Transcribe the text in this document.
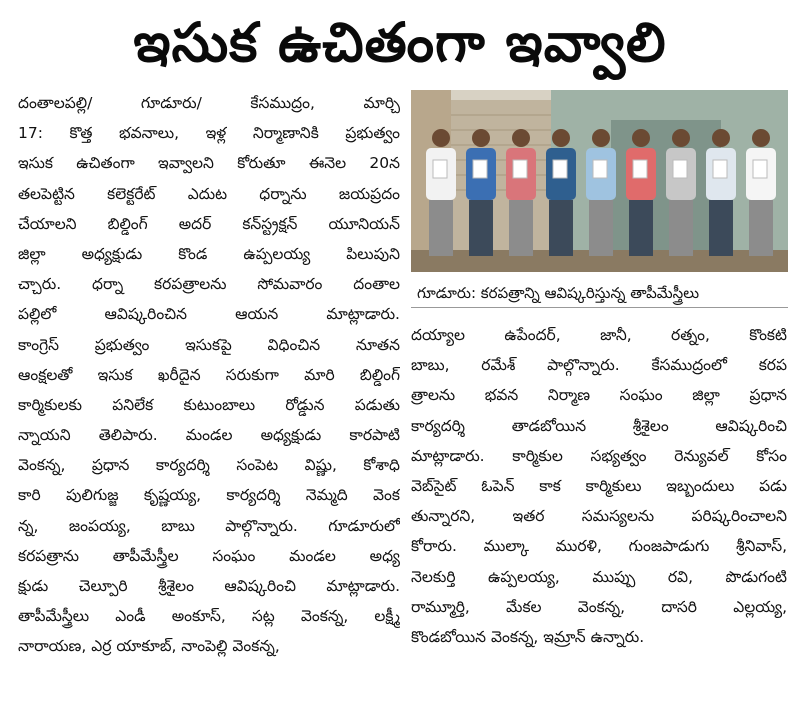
ఇసుక ఉచితంగా ఇవ్వాలి
దంతాలపల్లి/ గూడూరు/ కేసముద్రం, మార్చి
17: కొత్త భవనాలు, ఇళ్ల నిర్మాణానికి ప్రభుత్వం
ఇసుక ఉచితంగా ఇవ్వాలని కోరుతూ ఈనెల 20న
తలపెట్టిన కలెక్టరేట్ ఎదుట ధర్నాను జయప్రదం
చేయాలని బిల్డింగ్ అదర్ కన్‌స్ట్రక్షన్ యూనియన్
జిల్లా అధ్యక్షుడు కొండ ఉప్పలయ్య పిలుపుని
చ్చారు. ధర్నా కరపత్రాలను సోమవారం దంతాల
పల్లిలో ఆవిష్కరించిన ఆయన మాట్లాడారు.
కాంగ్రెస్ ప్రభుత్వం ఇసుకపై విధించిన నూతన
ఆంక్షలతో ఇసుక ఖరీదైన సరుకుగా మారి బిల్డింగ్
కార్మికులకు పనిలేక కుటుంబాలు రోడ్డున పడుతు
న్నాయని తెలిపారు. మండల అధ్యక్షుడు కారపాటి
వెంకన్న, ప్రధాన కార్యదర్శి సంపెట విష్ణు, కోశాధి
కారి పులిగుజ్జ కృష్ణయ్య, కార్యదర్శి నెమ్మది వెంక
న్న, జంపయ్య, బాబు పాల్గొన్నారు. గూడూరులో
కరపత్రాను తాపీమేస్త్రీల సంఘం మండల అధ్య
క్షుడు చెల్పూరి శ్రీశైలం ఆవిష్కరించి మాట్లాడారు.
తాపీమేస్త్రీలు ఎండీ అంకూస్, సట్ల వెంకన్న, లక్ష్మీ
నారాయణ, ఎర్ర యాకూబ్, నాంపెల్లి వెంకన్న,
గూడూరు: కరపత్రాన్ని ఆవిష్కరిస్తున్న తాపీమేస్త్రీలు
దయ్యాల ఉపేందర్, జానీ, రత్నం, కొంకటి
బాబు, రమేశ్ పాల్గొన్నారు. కేసముద్రంలో కరప
త్రాలను భవన నిర్మాణ సంఘం జిల్లా ప్రధాన
కార్యదర్శి తాడబోయిన శ్రీశైలం ఆవిష్కరించి
మాట్లాడారు. కార్మికుల సభ్యత్వం రెన్యువల్ కోసం
వెబ్‌సైట్ ఓపెన్ కాక కార్మికులు ఇబ్బందులు పడు
తున్నారని, ఇతర సమస్యలను పరిష్కరించాలని
కోరారు. ముల్కా మురళి, గుంజపాడుగు శ్రీనివాస్,
నెలకుర్తి ఉప్పలయ్య, ముప్పు రవి, పొడుగంటి
రామ్మూర్తి, మేకల వెంకన్న, దాసరి ఎల్లయ్య,
కొండబోయిన వెంకన్న, ఇమ్రాన్ ఉన్నారు.
